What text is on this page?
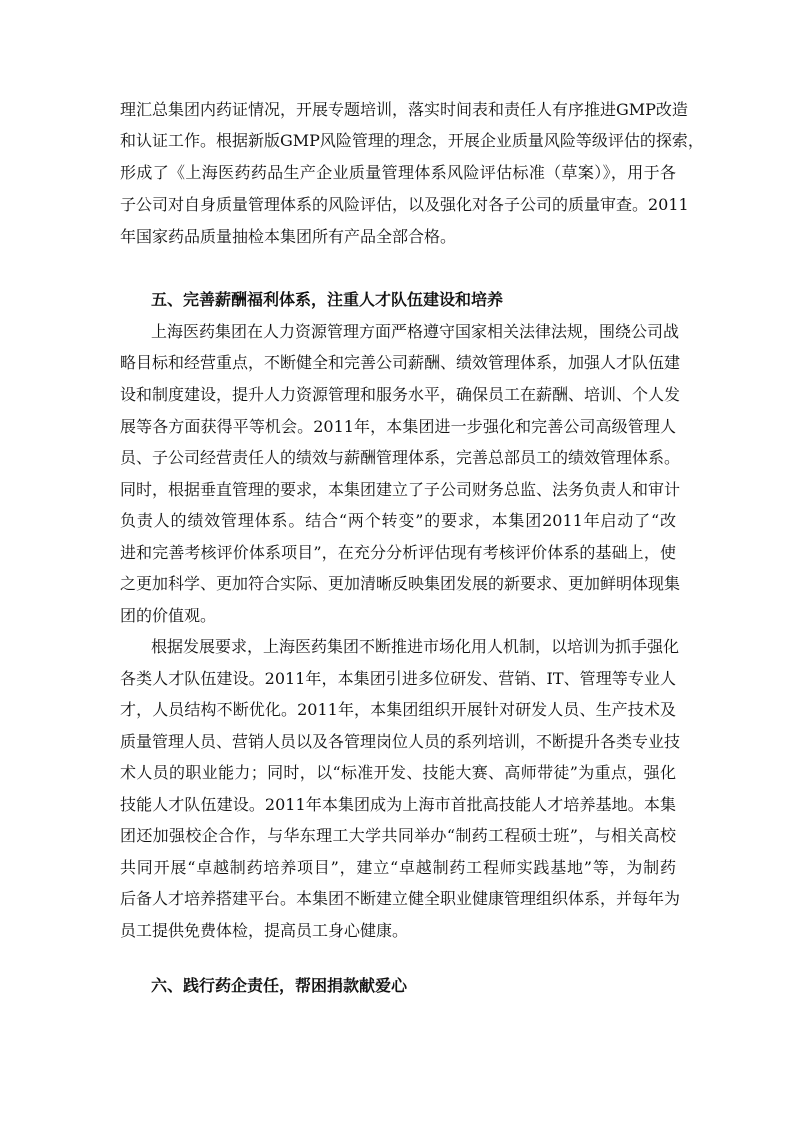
理汇总集团内药证情况，开展专题培训，落实时间表和责任人有序推进GMP改造
和认证工作。根据新版GMP风险管理的理念，开展企业质量风险等级评估的探索，
形成了《上海医药药品生产企业质量管理体系风险评估标准（草案）》，用于各
子公司对自身质量管理体系的风险评估，以及强化对各子公司的质量审查。2011
年国家药品质量抽检本集团所有产品全部合格。
五、完善薪酬福利体系，注重人才队伍建设和培养
上海医药集团在人力资源管理方面严格遵守国家相关法律法规，围绕公司战
略目标和经营重点，不断健全和完善公司薪酬、绩效管理体系，加强人才队伍建
设和制度建设，提升人力资源管理和服务水平，确保员工在薪酬、培训、个人发
展等各方面获得平等机会。2011年，本集团进一步强化和完善公司高级管理人
员、子公司经营责任人的绩效与薪酬管理体系，完善总部员工的绩效管理体系。
同时，根据垂直管理的要求，本集团建立了子公司财务总监、法务负责人和审计
负责人的绩效管理体系。结合“两个转变”的要求，本集团2011年启动了“改
进和完善考核评价体系项目”，在充分分析评估现有考核评价体系的基础上，使
之更加科学、更加符合实际、更加清晰反映集团发展的新要求、更加鲜明体现集
团的价值观。
根据发展要求，上海医药集团不断推进市场化用人机制，以培训为抓手强化
各类人才队伍建设。2011年，本集团引进多位研发、营销、IT、管理等专业人
才，人员结构不断优化。2011年，本集团组织开展针对研发人员、生产技术及
质量管理人员、营销人员以及各管理岗位人员的系列培训，不断提升各类专业技
术人员的职业能力；同时，以“标准开发、技能大赛、高师带徒”为重点，强化
技能人才队伍建设。2011年本集团成为上海市首批高技能人才培养基地。本集
团还加强校企合作，与华东理工大学共同举办“制药工程硕士班”，与相关高校
共同开展“卓越制药培养项目”，建立“卓越制药工程师实践基地”等，为制药
后备人才培养搭建平台。本集团不断建立健全职业健康管理组织体系，并每年为
员工提供免费体检，提高员工身心健康。
六、践行药企责任，帮困捐款献爱心
